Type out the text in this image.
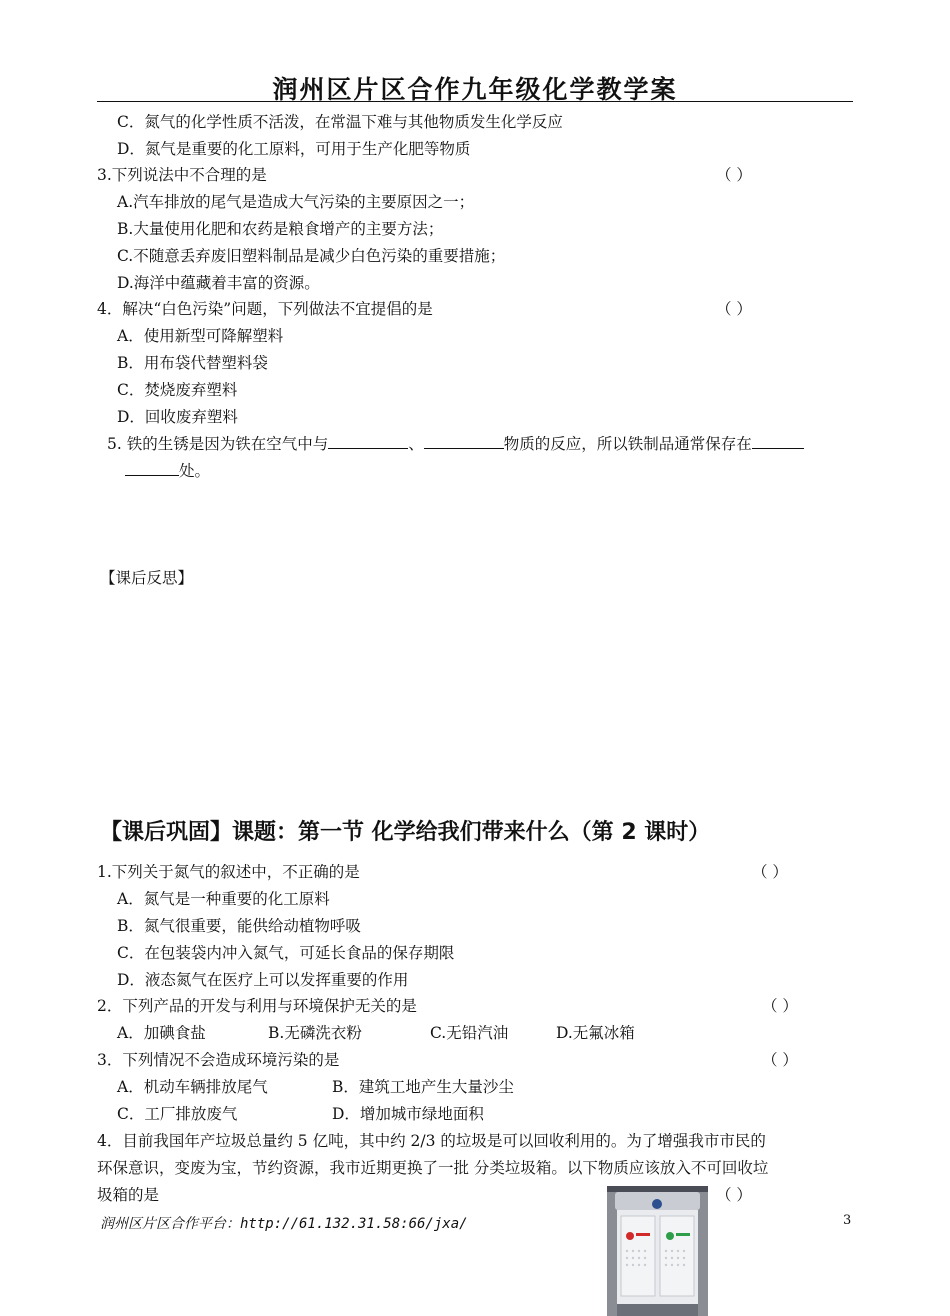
润州区片区合作九年级化学教学案
C．氮气的化学性质不活泼，在常温下难与其他物质发生化学反应
D．氮气是重要的化工原料，可用于生产化肥等物质
3.下列说法中不合理的是	（ ）
A.汽车排放的尾气是造成大气污染的主要原因之一；
B.大量使用化肥和农药是粮食增产的主要方法；
C.不随意丢弃废旧塑料制品是减少白色污染的重要措施；
D.海洋中蕴藏着丰富的资源。
4．解决“白色污染”问题，下列做法不宜提倡的是	（ ）
A．使用新型可降解塑料
B．用布袋代替塑料袋
C．焚烧废弃塑料
D．回收废弃塑料
5. 铁的生锈是因为铁在空气中与	、	物质的反应，所以铁制品通常保存在
处。
【课后反思】
【课后巩固】课题：第一节 化学给我们带来什么（第 2 课时）
1.下列关于氮气的叙述中，不正确的是	（ ）
A．氮气是一种重要的化工原料
B．氮气很重要，能供给动植物呼吸
C．在包装袋内冲入氮气，可延长食品的保存期限
D．液态氮气在医疗上可以发挥重要的作用
2．下列产品的开发与利用与环境保护无关的是	（ ）
A．加碘食盐	B.无磷洗衣粉	C.无铅汽油	D.无氟冰箱
3．下列情况不会造成环境污染的是	（ ）
A．机动车辆排放尾气	B．建筑工地产生大量沙尘
C．工厂排放废气	D．增加城市绿地面积
4．目前我国年产垃圾总量约 5 亿吨，其中约 2/3 的垃圾是可以回收利用的。为了增强我市市民的
环保意识，变废为宝，节约资源，我市近期更换了一批 分类垃圾箱。以下物质应该放入不可回收垃
圾箱的是	（ ）
润州区片区合作平台：http://61.132.31.58:66/jxa/	3
